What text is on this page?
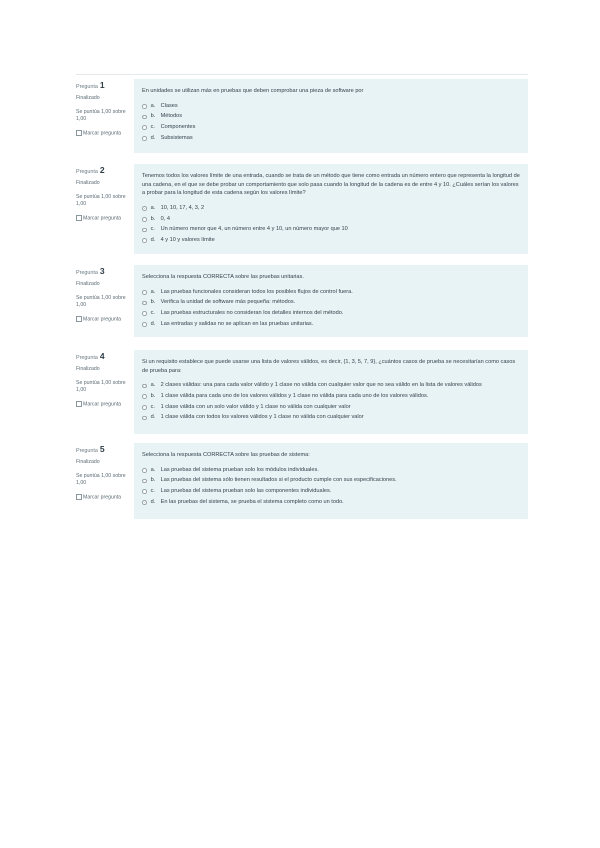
Pregunta 1
Finalizado
Se puntúa 1,00 sobre 1,00
Marcar pregunta
En unidades se utilizan más en pruebas que deben comprobar una pieza de software por
a. Clases
b. Métodos
c.	Componentes
d. Subsistemas
Pregunta 2
Finalizado
Se puntúa 1,00 sobre 1,00
Marcar pregunta
Tenemos todos los valores límite de una entrada, cuando se trata de un método que tiene como entrada un número entero que representa la longitud de una cadena, en el que se debe probar un comportamiento que solo pasa cuando la longitud de la cadena es de entre 4 y 10. ¿Cuáles serían los valores a probar para la longitud de esta cadena según los valores límite?
a. 10, 10, 17, 4, 3, 2
b. 0, 4
c.	Un número menor que 4, un número entre 4 y 10, un número mayor que 10
d. 4 y 10 y valores límite
Pregunta 3
Finalizado
Se puntúa 1,00 sobre 1,00
Marcar pregunta
Selecciona la respuesta CORRECTA sobre las pruebas unitarias.
a. Las pruebas funcionales consideran todos los posibles flujos de control fuera.
b. Verifica la unidad de software más pequeña: métodos.
c.	Las pruebas estructurales no consideran los detalles internos del método.
d. Las entradas y salidas no se aplican en las pruebas unitarias.
Pregunta 4
Finalizado
Se puntúa 1,00 sobre 1,00
Marcar pregunta
Si un requisito establece que puede usarse una lista de valores válidos, es decir, {1, 3, 5, 7, 9}, ¿cuántos casos de prueba se necesitarían como casos de prueba para:
a. 2 clases válidas: una para cada valor válido y 1 clase no válida con cualquier valor que no sea válido en la lista de valores válidos
b. 1 clase válida para cada uno de los valores válidos y 1 clase no válida para cada uno de los valores válidos.
c.	1 clase válida con un solo valor válido y 1 clase no válida con cualquier valor
d. 1 clase válida con todos los valores válidos y 1 clase no válida con cualquier valor
Pregunta 5
Finalizado
Se puntúa 1,00 sobre 1,00
Marcar pregunta
Selecciona la respuesta CORRECTA sobre las pruebas de sistema:
a. Las pruebas del sistema prueban solo los módulos individuales.
b. Las pruebas del sistema sólo tienen resultados si el producto cumple con sus especificaciones.
c.	Las pruebas del sistema prueban solo las componentes individuales.
d. En las pruebas del sistema, se prueba el sistema completo como un todo.
